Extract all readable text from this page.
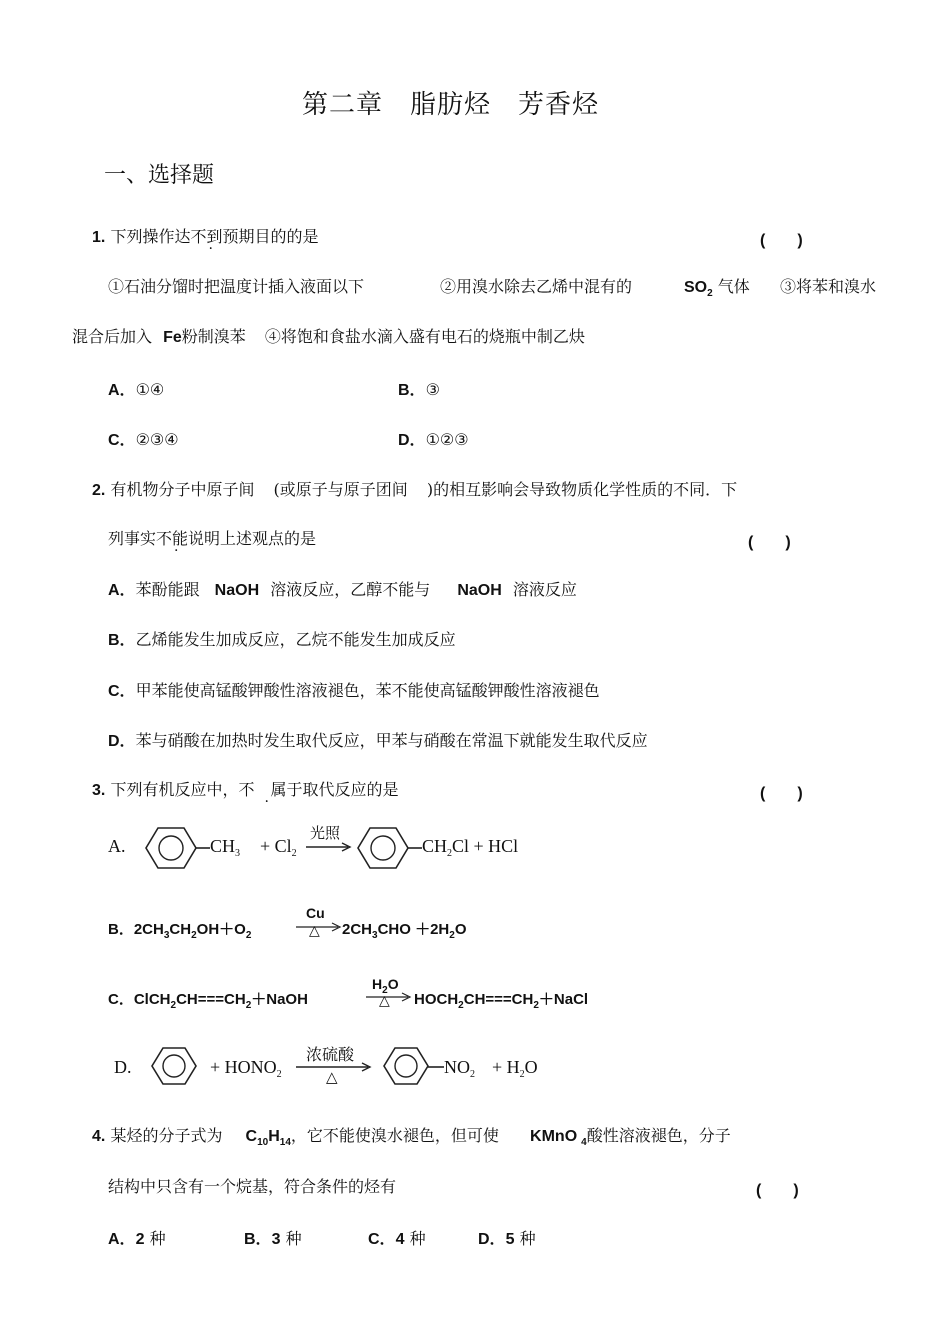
第二章　脂肪烃　芳香烃
一、选择题
1. 下列操作达不到预期目的的是	(　　)
①石油分馏时把温度计插入液面以下	②用溴水除去乙烯中混有的	$SO_2$ 气体 ③将苯和溴水
混合后加入 Fe粉制溴苯 ④将饱和食盐水滴入盛有电石的烧瓶中制乙炔
A．①④	B．③
C．②③④	D．①②③
2. 有机物分子中原子间 (或原子与原子团间 )的相互影响会导致物质化学性质的不同．下
列事实不能说明上述观点的是	(　　)
A．苯酚能跟 NaOH 溶液反应，乙醇不能与 NaOH 溶液反应
B．乙烯能发生加成反应，乙烷不能发生加成反应
C．甲苯能使高锰酸钾酸性溶液褪色，苯不能使高锰酸钾酸性溶液褪色
D．苯与硝酸在加热时发生取代反应，甲苯与硝酸在常温下就能发生取代反应
3. 下列有机反应中，不 属于取代反应的是	(　　)
A.	$CH_3 + Cl_2$
光照
$CH_2Cl$ + HCl
B．$2CH_3CH_2OH+O_2$
Cu
△ $2CH_3CHO +2H_2O$
C．$ClCH_2CH===CH_2+NaOH$
$H_2O$
△ $HOCH_2CH===CH_2+NaCl$
D.	+ $HONO_2$
浓硫酸
△	$NO_2 + H_2O$
4. 某烃的分子式为 $C_{10}H_{14}$，它不能使溴水褪色，但可使 KMnO $_4$酸性溶液褪色，分子
结构中只含有一个烷基，符合条件的烃有	(　　)
A．2 种	B．3 种	C．4 种	D．5 种
